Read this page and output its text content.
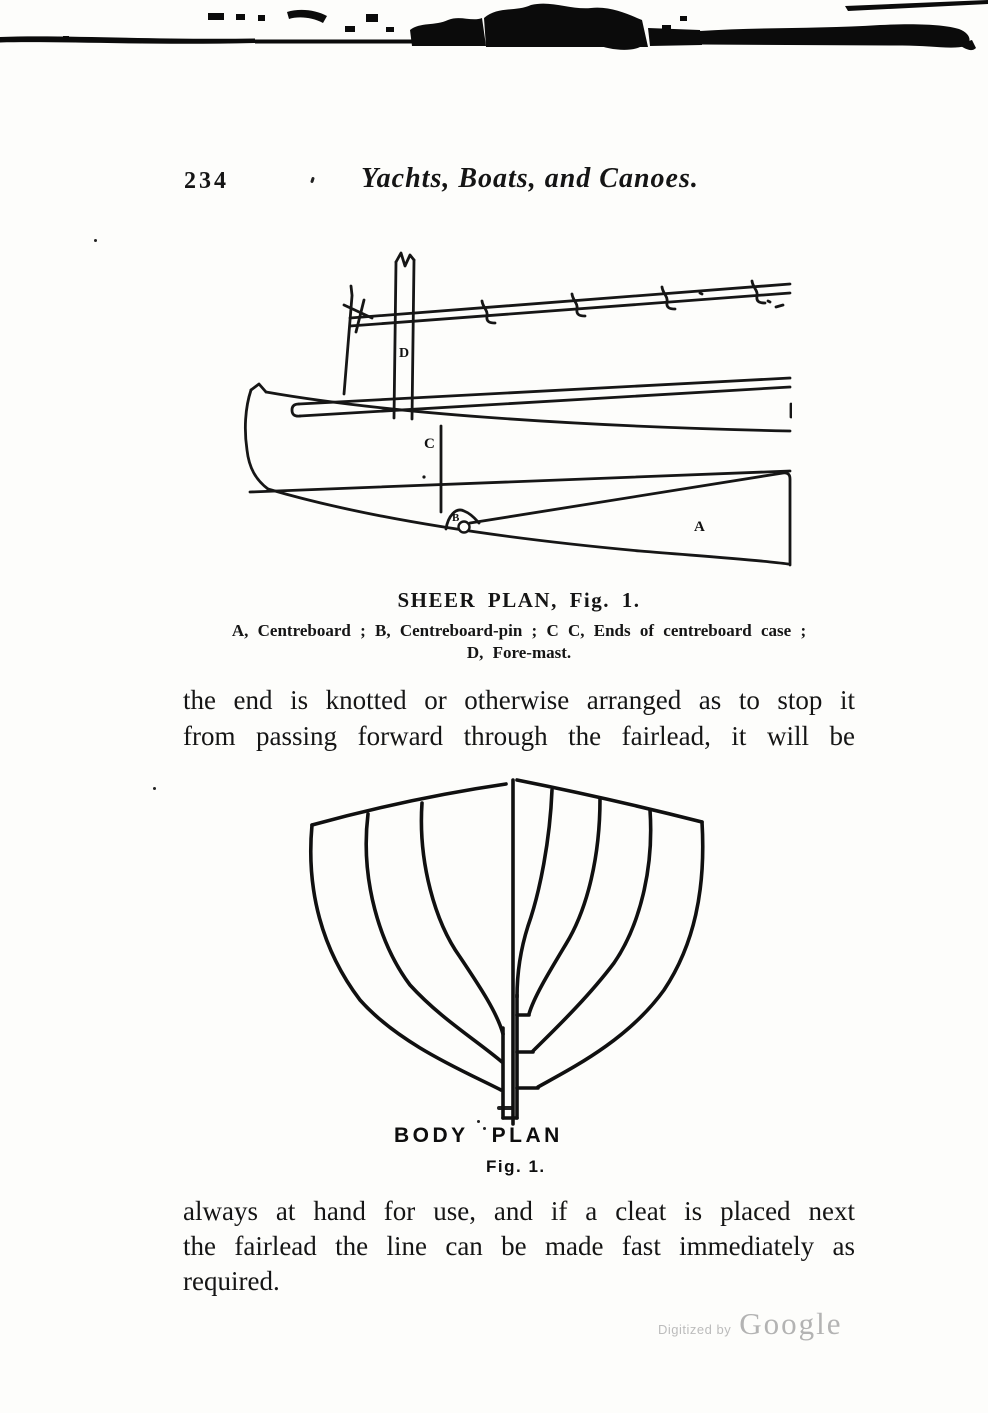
234	Yachts, Boats, and Canoes.
D
C
B
A
SHEER PLAN, Fig. 1.
A, Centreboard ; B, Centreboard-pin ; C C, Ends of centreboard case ;
D, Fore-mast.
the end is knotted or otherwise arranged as to stop it
from passing forward through the fairlead, it will be
BODY PLAN
Fig. 1.
always at hand for use, and if a cleat is placed next
the fairlead the line can be made fast immediately as
required.
Digitized by Google
